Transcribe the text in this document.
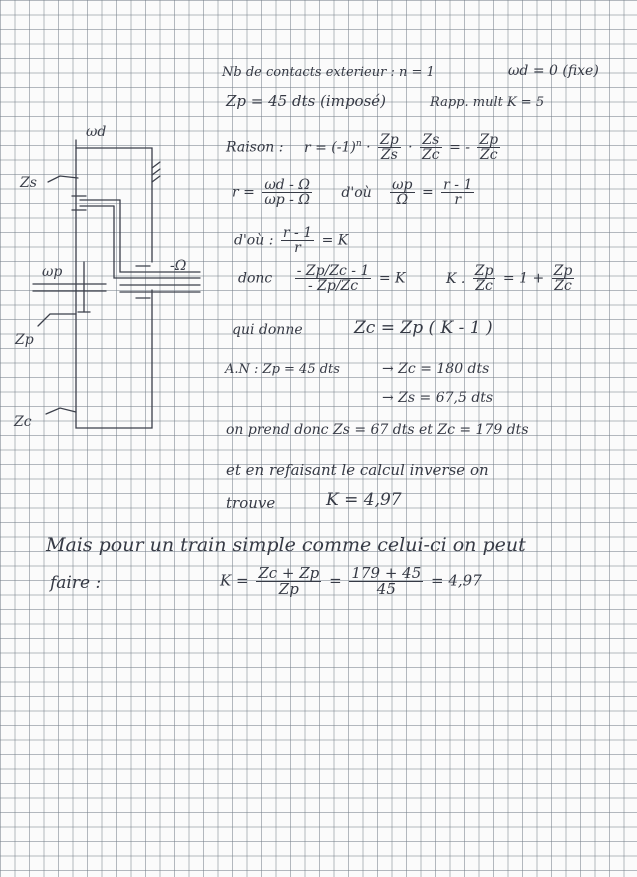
ωd
Zs
ωp	-Ω
Zp
Zc
Nb de contacts exterieur : n = 1	ωd = 0 (fixe)
Zp = 45 dts (imposé)	Rapp. mult K = 5
Raison : $r = (-1)^n \cdot \frac{Zp}{Zs} \cdot \frac{Zs}{Zc}$ = - $\frac{Zp}{Zc}$
$r = \frac{\omega d - \Omega}{\omega p - \Omega}$ d'où $\frac{\omega p}{\Omega} = \frac{r - 1}{r}$
d'où : $\frac{r - 1}{r} = K$
donc $\frac{- Zp/Zc - 1}{- Zp/Zc} = K$	K . $\frac{Zp}{Zc} = 1 + \frac{Zp}{Zc}$
qui donne	Zc = Zp ( K - 1 )
A.N : Zp = 45 dts	→ Zc = 180 dts
→ Zs = 67,5 dts
on prend donc Zs = 67 dts et Zc = 179 dts
et en refaisant le calcul inverse on
trouve	K = 4,97
Mais pour un train simple comme celui-ci on peut
faire :	$K = \frac{Zc + Zp}{Zp} = \frac{179 + 45}{45} = 4,97$
